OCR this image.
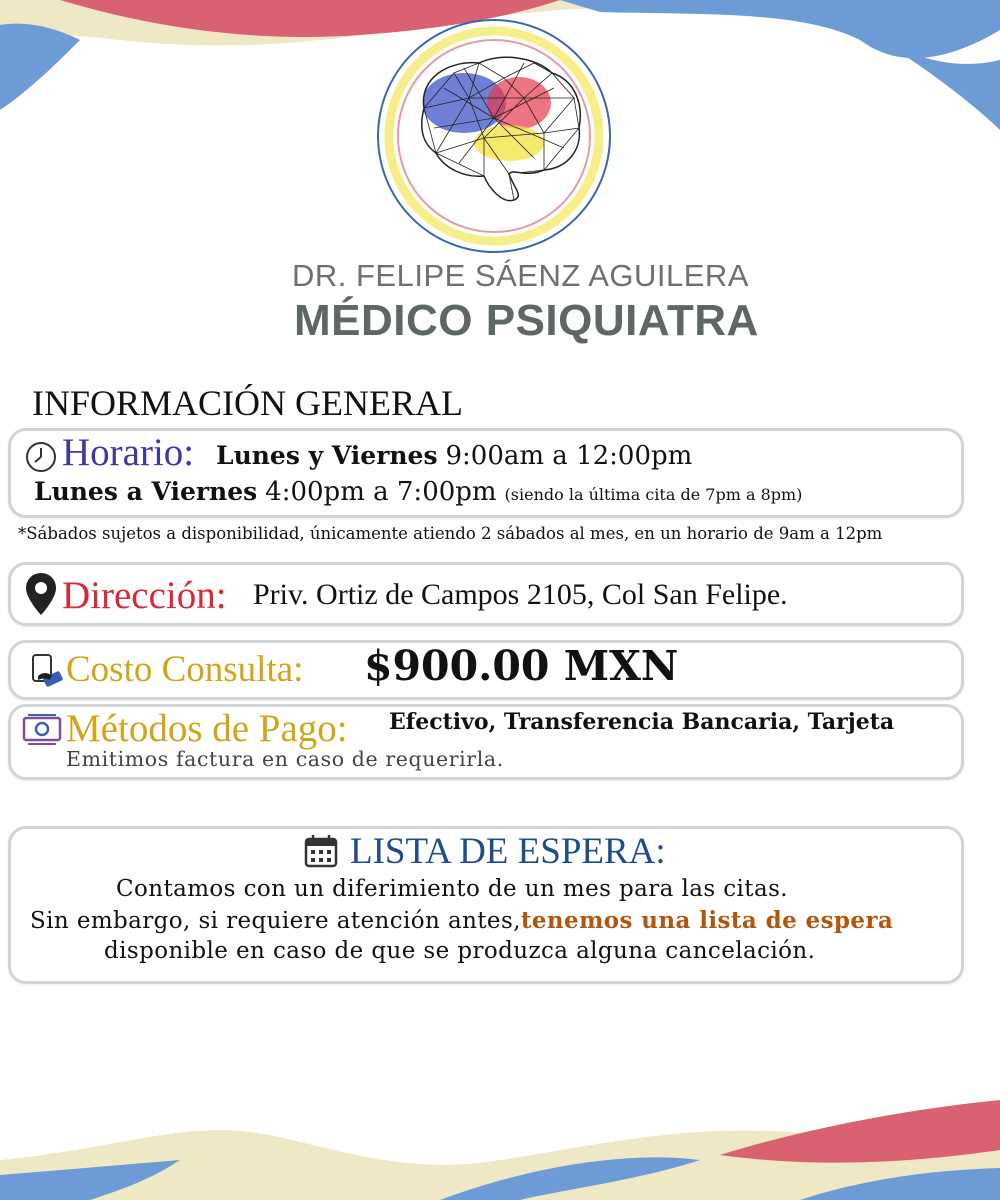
DR. FELIPE SÁENZ AGUILERA
MÉDICO PSIQUIATRA
INFORMACIÓN GENERAL
Horario: Lunes y Viernes 9:00am a 12:00pm
Lunes a Viernes 4:00pm a 7:00pm (siendo la última cita de 7pm a 8pm)
*Sábados sujetos a disponibilidad, únicamente atiendo 2 sábados al mes, en un horario de 9am a 12pm
Dirección: Priv. Ortiz de Campos 2105, Col San Felipe.
Costo Consulta: $900.00 MXN
Métodos de Pago: Efectivo, Transferencia Bancaria, Tarjeta
Emitimos factura en caso de requerirla.
LISTA DE ESPERA:
Contamos con un diferimiento de un mes para las citas.
Sin embargo, si requiere atención antes,tenemos una lista de espera
disponible en caso de que se produzca alguna cancelación.
